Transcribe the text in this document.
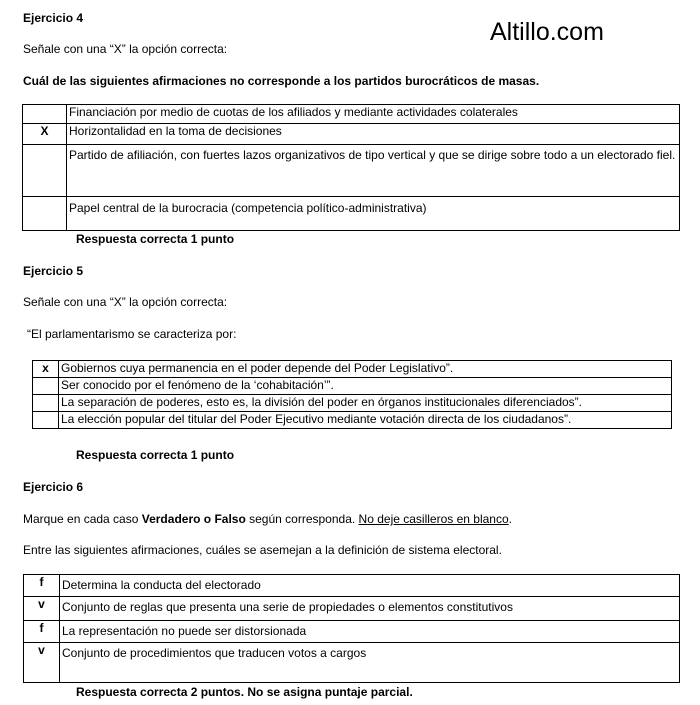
Ejercicio 4	Altillo.com
Señale con una “X” la opción correcta:
Cuál de las siguientes afirmaciones no corresponde a los partidos burocráticos de masas.
	Financiación por medio de cuotas de los afiliados y mediante actividades colaterales
X	Horizontalidad en la toma de decisiones
	Partido de afiliación, con fuertes lazos organizativos de tipo vertical y que se dirige sobre todo a un electorado fiel.
	Papel central de la burocracia (competencia político-administrativa)
Respuesta correcta 1 punto
Ejercicio 5
Señale con una “X” la opción correcta:
“El parlamentarismo se caracteriza por:
x	Gobiernos cuya permanencia en el poder depende del Poder Legislativo”.
	Ser conocido por el fenómeno de la ‘cohabitación’”.
	La separación de poderes, esto es, la división del poder en órganos institucionales diferenciados”.
	La elección popular del titular del Poder Ejecutivo mediante votación directa de los ciudadanos”.
Respuesta correcta 1 punto
Ejercicio 6
Marque en cada caso Verdadero o Falso según corresponda. No deje casilleros en blanco.
Entre las siguientes afirmaciones, cuáles se asemejan a la definición de sistema electoral.
f	Determina la conducta del electorado
v	Conjunto de reglas que presenta una serie de propiedades o elementos constitutivos
f	La representación no puede ser distorsionada
v	Conjunto de procedimientos que traducen votos a cargos
Respuesta correcta 2 puntos. No se asigna puntaje parcial.
